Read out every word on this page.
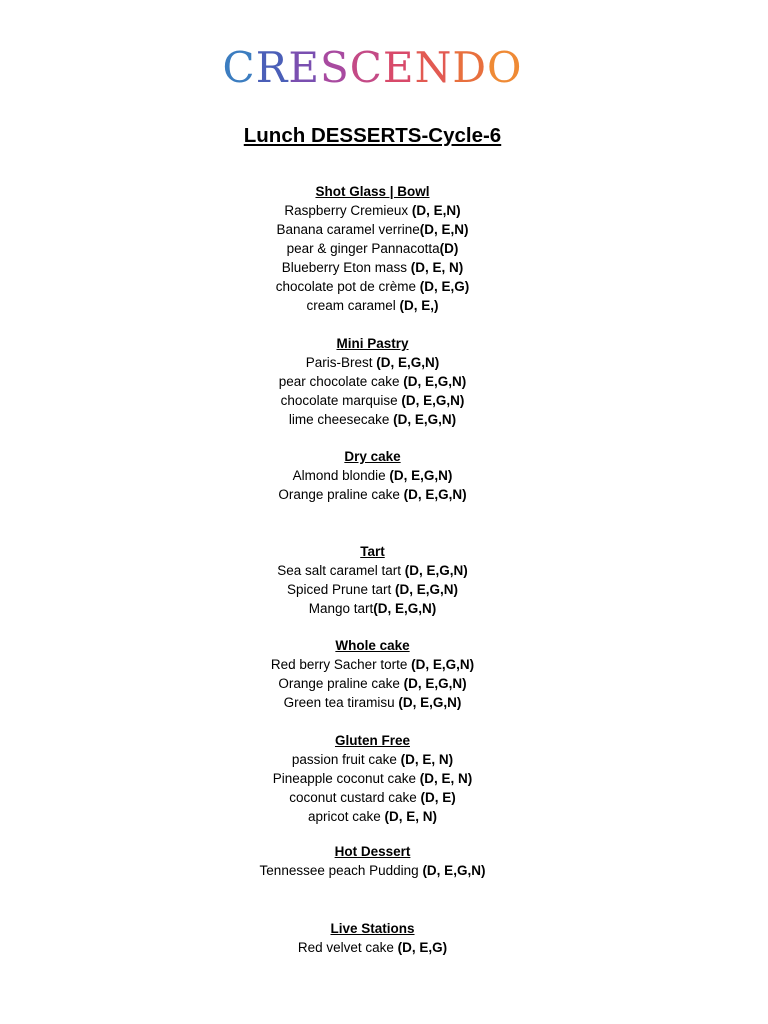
CRESCENDO
Lunch DESSERTS-Cycle-6
Shot Glass | Bowl
Raspberry Cremieux (D, E,N)
Banana caramel verrine(D, E,N)
pear & ginger Pannacotta(D)
Blueberry Eton mass (D, E, N)
chocolate pot de crème (D, E,G)
cream caramel (D, E,)
Mini Pastry
Paris-Brest (D, E,G,N)
pear chocolate cake (D, E,G,N)
chocolate marquise (D, E,G,N)
lime cheesecake (D, E,G,N)
Dry cake
Almond blondie (D, E,G,N)
Orange praline cake (D, E,G,N)
Tart
Sea salt caramel tart (D, E,G,N)
Spiced Prune tart (D, E,G,N)
Mango tart(D, E,G,N)
Whole cake
Red berry Sacher torte (D, E,G,N)
Orange praline cake (D, E,G,N)
Green tea tiramisu (D, E,G,N)
Gluten Free
passion fruit cake (D, E, N)
Pineapple coconut cake (D, E, N)
coconut custard cake (D, E)
apricot cake (D, E, N)
Hot Dessert
Tennessee peach Pudding (D, E,G,N)
Live Stations
Red velvet cake (D, E,G)
